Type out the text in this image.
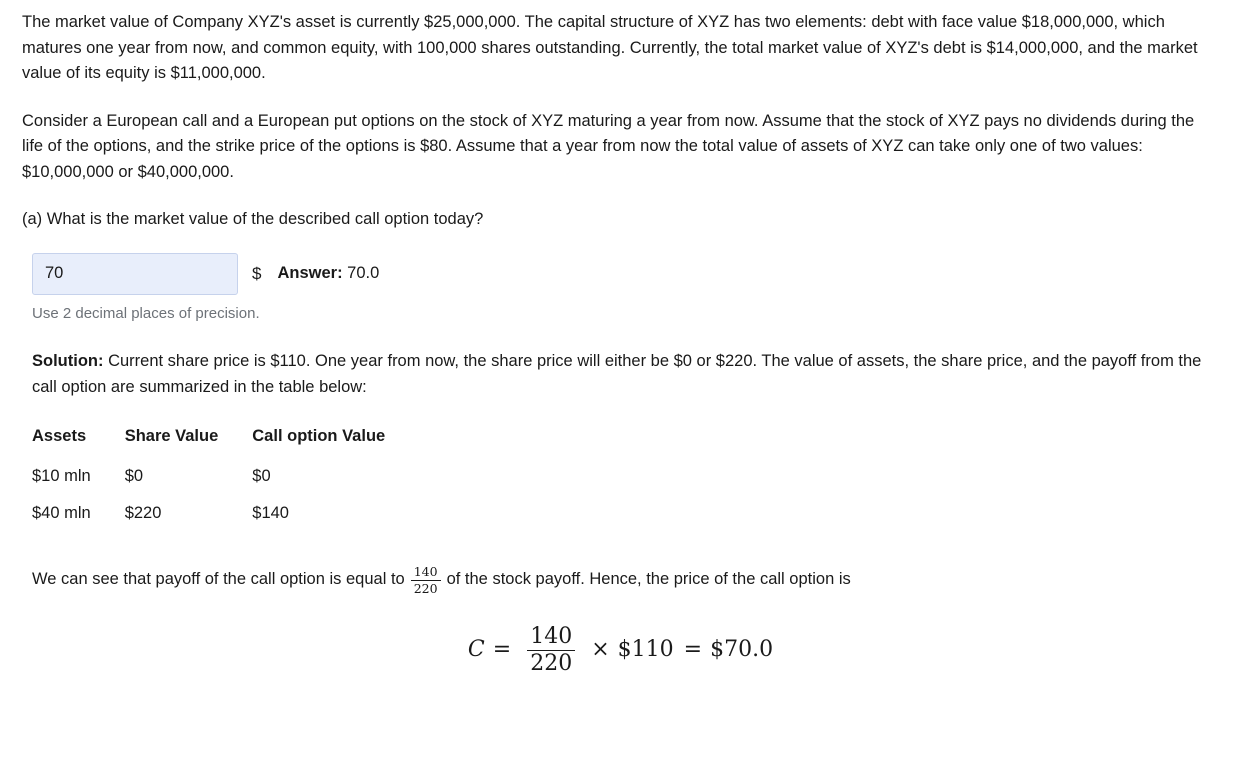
The market value of Company XYZ's asset is currently $25,000,000. The capital structure of XYZ has two elements: debt with face value $18,000,000, which matures one year from now, and common equity, with 100,000 shares outstanding. Currently, the total market value of XYZ's debt is $14,000,000, and the market value of its equity is $11,000,000.

Consider a European call and a European put options on the stock of XYZ maturing a year from now. Assume that the stock of XYZ pays no dividends during the life of the options, and the strike price of the options is $80. Assume that a year from now the total value of assets of XYZ can take only one of two values: $10,000,000 or $40,000,000.

(a) What is the market value of the described call option today?

70
$ Answer: 70.0
Use 2 decimal places of precision.

Solution: Current share price is $110. One year from now, the share price will either be $0 or $220. The value of assets, the share price, and the payoff from the call option are summarized in the table below:

Assets	Share Value	Call option Value
$10 mln	$0	$0
$40 mln	$220	$140
We can see that payoff of the call option is equal to $\frac{140}{220}$ of the stock payoff. Hence, the price of the call option is
$C = \frac{140}{220}$ × $110 = $70.0
